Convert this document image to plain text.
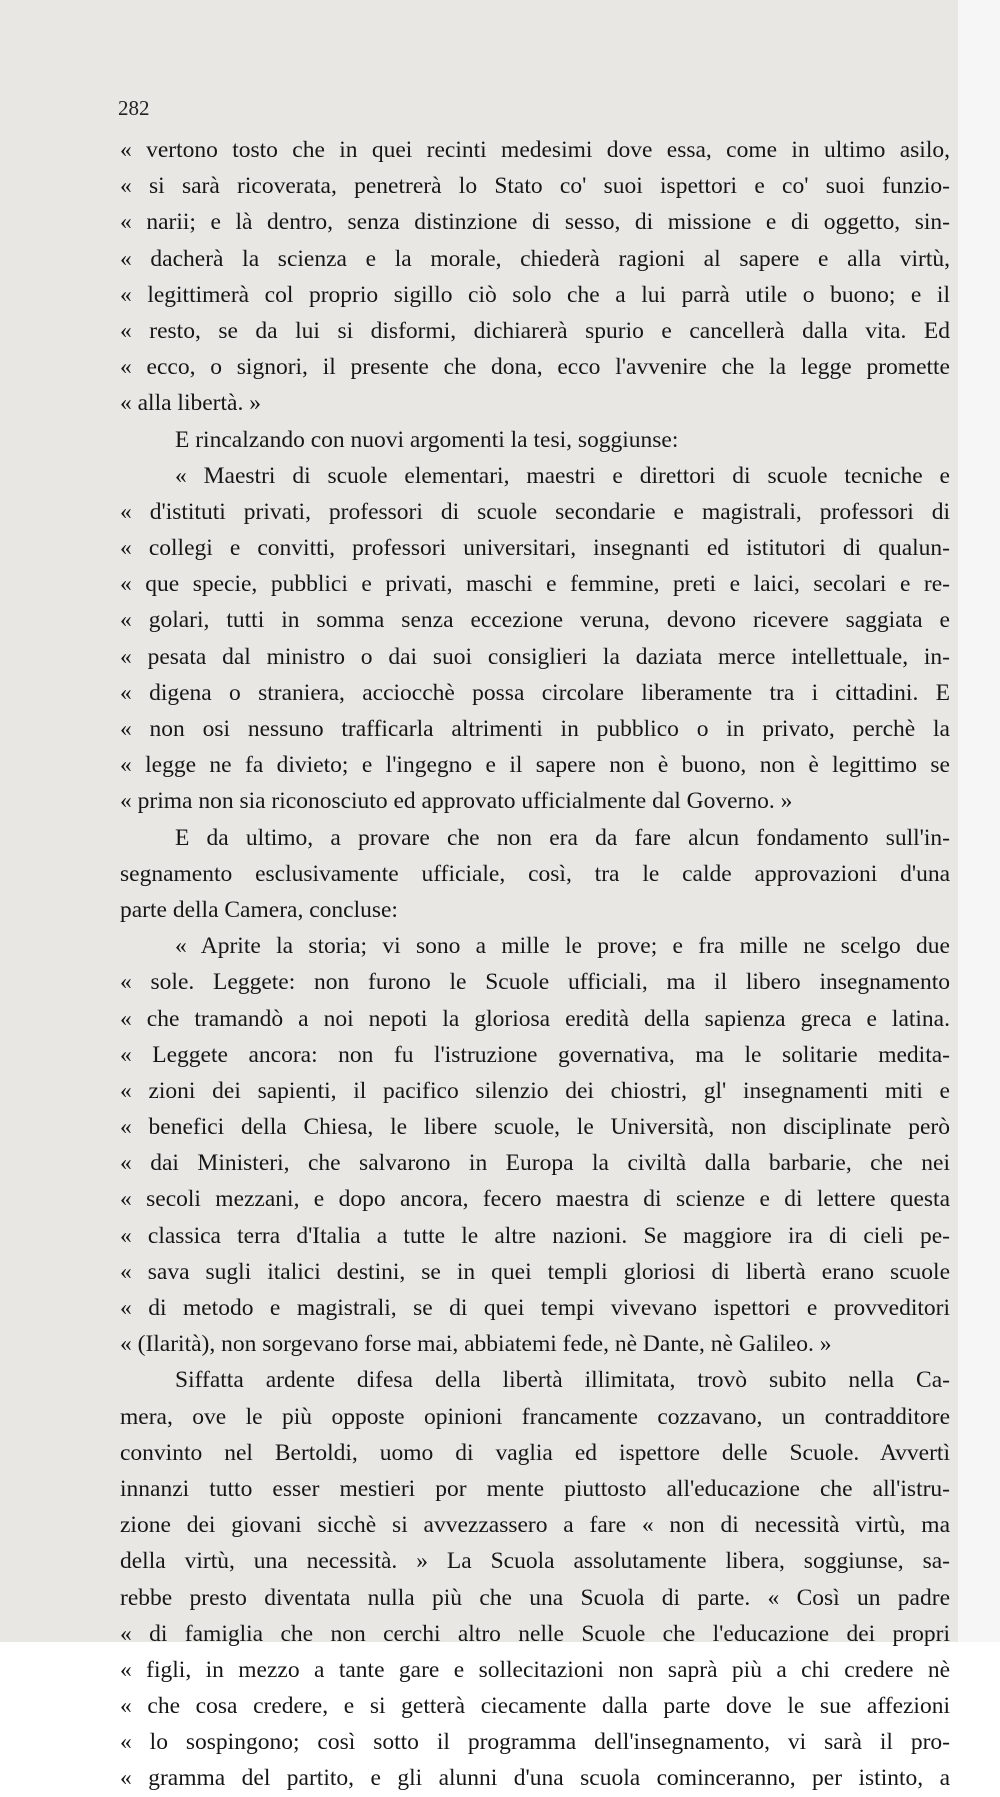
282
« vertono tosto che in quei recinti medesimi dove essa, come in ultimo asilo,
« si sarà ricoverata, penetrerà lo Stato co' suoi ispettori e co' suoi funzio-
« narii; e là dentro, senza distinzione di sesso, di missione e di oggetto, sin-
« dacherà la scienza e la morale, chiederà ragioni al sapere e alla virtù,
« legittimerà col proprio sigillo ciò solo che a lui parrà utile o buono; e il
« resto, se da lui si disformi, dichiarerà spurio e cancellerà dalla vita. Ed
« ecco, o signori, il presente che dona, ecco l'avvenire che la legge promette
« alla libertà. »
E rincalzando con nuovi argomenti la tesi, soggiunse:
« Maestri di scuole elementari, maestri e direttori di scuole tecniche e
« d'istituti privati, professori di scuole secondarie e magistrali, professori di
« collegi e convitti, professori universitari, insegnanti ed istitutori di qualun-
« que specie, pubblici e privati, maschi e femmine, preti e laici, secolari e re-
« golari, tutti in somma senza eccezione veruna, devono ricevere saggiata e
« pesata dal ministro o dai suoi consiglieri la daziata merce intellettuale, in-
« digena o straniera, acciocchè possa circolare liberamente tra i cittadini. E
« non osi nessuno trafficarla altrimenti in pubblico o in privato, perchè la
« legge ne fa divieto; e l'ingegno e il sapere non è buono, non è legittimo se
« prima non sia riconosciuto ed approvato ufficialmente dal Governo. »
E da ultimo, a provare che non era da fare alcun fondamento sull'in-
segnamento esclusivamente ufficiale, così, tra le calde approvazioni d'una
parte della Camera, concluse:
« Aprite la storia; vi sono a mille le prove; e fra mille ne scelgo due
« sole. Leggete: non furono le Scuole ufficiali, ma il libero insegnamento
« che tramandò a noi nepoti la gloriosa eredità della sapienza greca e latina.
« Leggete ancora: non fu l'istruzione governativa, ma le solitarie medita-
« zioni dei sapienti, il pacifico silenzio dei chiostri, gl' insegnamenti miti e
« benefici della Chiesa, le libere scuole, le Università, non disciplinate però
« dai Ministeri, che salvarono in Europa la civiltà dalla barbarie, che nei
« secoli mezzani, e dopo ancora, fecero maestra di scienze e di lettere questa
« classica terra d'Italia a tutte le altre nazioni. Se maggiore ira di cieli pe-
« sava sugli italici destini, se in quei templi gloriosi di libertà erano scuole
« di metodo e magistrali, se di quei tempi vivevano ispettori e provveditori
« (Ilarità), non sorgevano forse mai, abbiatemi fede, nè Dante, nè Galileo. »
Siffatta ardente difesa della libertà illimitata, trovò subito nella Ca-
mera, ove le più opposte opinioni francamente cozzavano, un contradditore
convinto nel Bertoldi, uomo di vaglia ed ispettore delle Scuole. Avvertì
innanzi tutto esser mestieri por mente piuttosto all'educazione che all'istru-
zione dei giovani sicchè si avvezzassero a fare « non di necessità virtù, ma
della virtù, una necessità. » La Scuola assolutamente libera, soggiunse, sa-
rebbe presto diventata nulla più che una Scuola di parte. « Così un padre
« di famiglia che non cerchi altro nelle Scuole che l'educazione dei propri
« figli, in mezzo a tante gare e sollecitazioni non saprà più a chi credere nè
« che cosa credere, e si getterà ciecamente dalla parte dove le sue affezioni
« lo sospingono; così sotto il programma dell'insegnamento, vi sarà il pro-
« gramma del partito, e gli alunni d'una scuola cominceranno, per istinto, a
